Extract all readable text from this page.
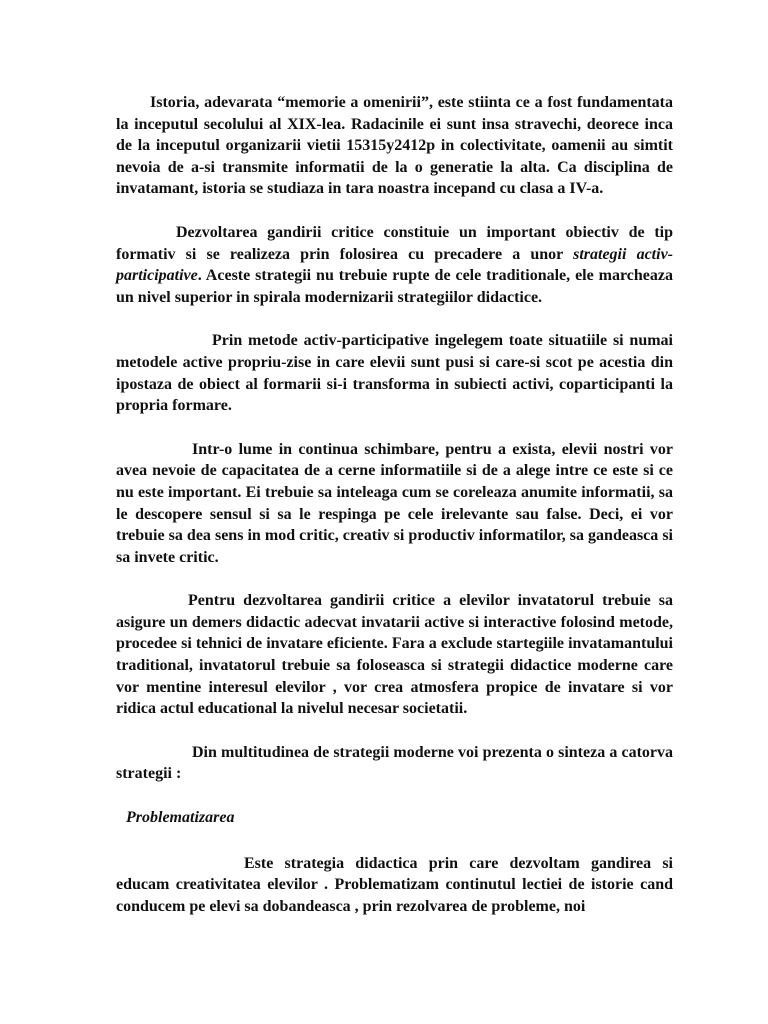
Istoria, adevarata “memorie a omenirii”, este stiinta ce a fost fundamentata la inceputul secolului al XIX-lea. Radacinile ei sunt insa stravechi, deorece inca de la inceputul organizarii vietii 15315y2412p in colectivitate, oamenii au simtit nevoia de a-si transmite informatii de la o generatie la alta. Ca disciplina de invatamant, istoria se studiaza in tara noastra incepand cu clasa a IV-a.

Dezvoltarea gandirii critice constituie un important obiectiv de tip formativ si se realizeza prin folosirea cu precadere a unor strategii activ-participative. Aceste strategii nu trebuie rupte de cele traditionale, ele marcheaza un nivel superior in spirala modernizarii strategiilor didactice.

Prin metode activ-participative ingelegem toate situatiile si numai metodele active propriu-zise in care elevii sunt pusi si care-si scot pe acestia din ipostaza de obiect al formarii si-i transforma in subiecti activi, coparticipanti la propria formare.

Intr-o lume in continua schimbare, pentru a exista, elevii nostri vor avea nevoie de capacitatea de a cerne informatiile si de a alege intre ce este si ce nu este important. Ei trebuie sa inteleaga cum se coreleaza anumite informatii, sa le descopere sensul si sa le respinga pe cele irelevante sau false. Deci, ei vor trebuie sa dea sens in mod critic, creativ si productiv informatilor, sa gandeasca si sa invete critic.

Pentru dezvoltarea gandirii critice a elevilor invatatorul trebuie sa asigure un demers didactic adecvat invatarii active si interactive folosind metode, procedee si tehnici de invatare eficiente. Fara a exclude startegiile invatamantului traditional, invatatorul trebuie sa foloseasca si strategii didactice moderne care vor mentine interesul elevilor , vor crea atmosfera propice de invatare si vor ridica actul educational la nivelul necesar societatii.

Din multitudinea de strategii moderne voi prezenta o sinteza a catorva strategii :

Problematizarea

Este strategia didactica prin care dezvoltam gandirea si educam creativitatea elevilor . Problematizam continutul lectiei de istorie cand conducem pe elevi sa dobandeasca , prin rezolvarea de probleme, noi
